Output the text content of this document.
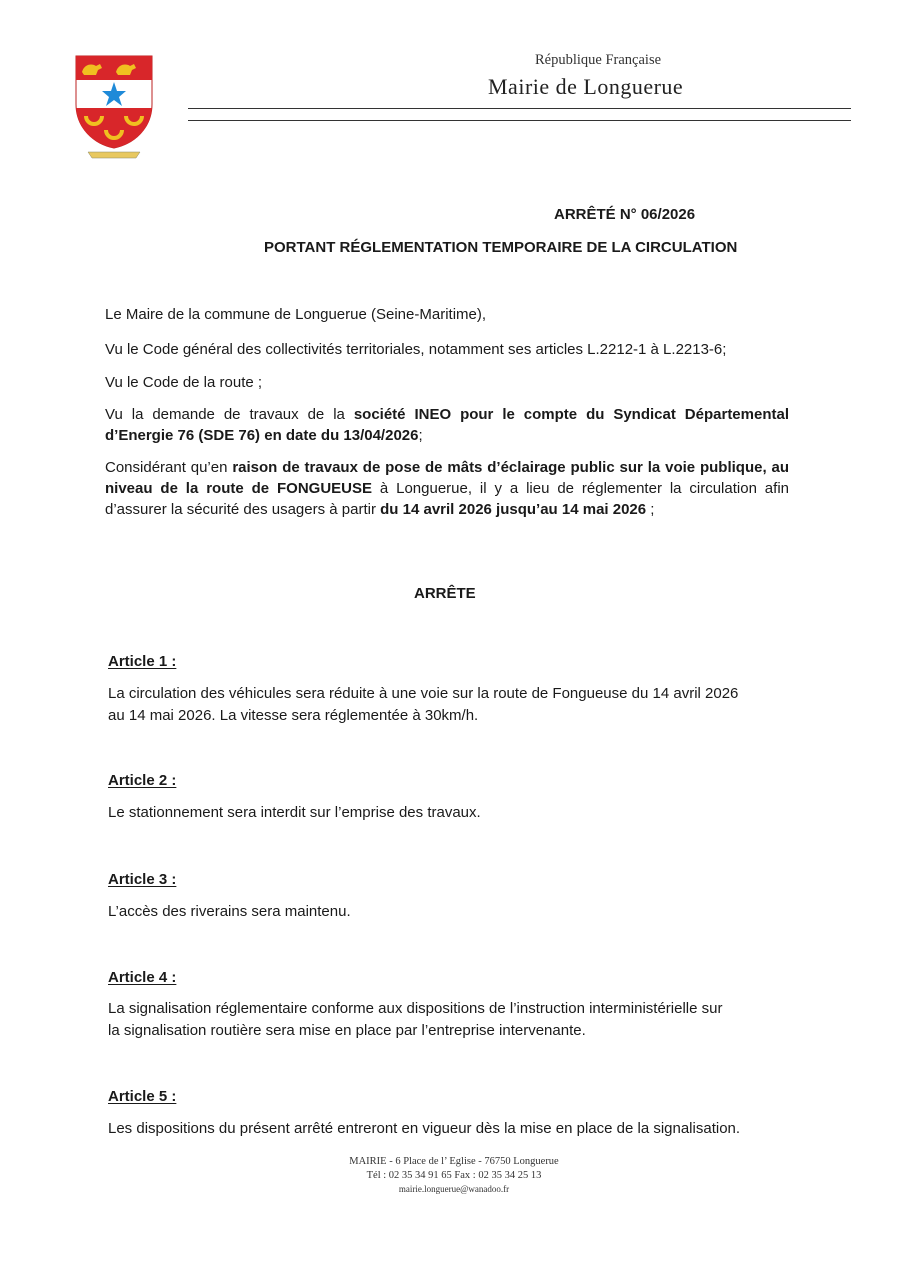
République Française
Mairie de Longuerue
ARRÊTÉ N° 06/2026
PORTANT RÉGLEMENTATION TEMPORAIRE DE LA CIRCULATION

Le Maire de la commune de Longuerue (Seine-Maritime),

Vu le Code général des collectivités territoriales, notamment ses articles L.2212-1 à L.2213-6;

Vu le Code de la route ;

Vu la demande de travaux de la société INEO pour le compte du Syndicat Départemental d’Energie 76 (SDE 76) en date du 13/04/2026;

Considérant qu’en raison de travaux de pose de mâts d’éclairage public sur la voie publique, au niveau de la route de FONGUEUSE à Longuerue, il y a lieu de réglementer la circulation afin d’assurer la sécurité des usagers à partir du 14 avril 2026 jusqu’au 14 mai 2026 ;

ARRÊTE
Article 1 :

La circulation des véhicules sera réduite à une voie sur la route de Fongueuse du 14 avril 2026
au 14 mai 2026. La vitesse sera réglementée à 30km/h.

Article 2 :

Le stationnement sera interdit sur l’emprise des travaux.

Article 3 :

L’accès des riverains sera maintenu.

Article 4 :

La signalisation réglementaire conforme aux dispositions de l’instruction interministérielle sur
la signalisation routière sera mise en place par l’entreprise intervenante.

Article 5 :

Les dispositions du présent arrêté entreront en vigueur dès la mise en place de la signalisation.

MAIRIE - 6 Place de l’ Eglise - 76750 Longuerue
Tél : 02 35 34 91 65 Fax : 02 35 34 25 13
mairie.longuerue@wanadoo.fr
